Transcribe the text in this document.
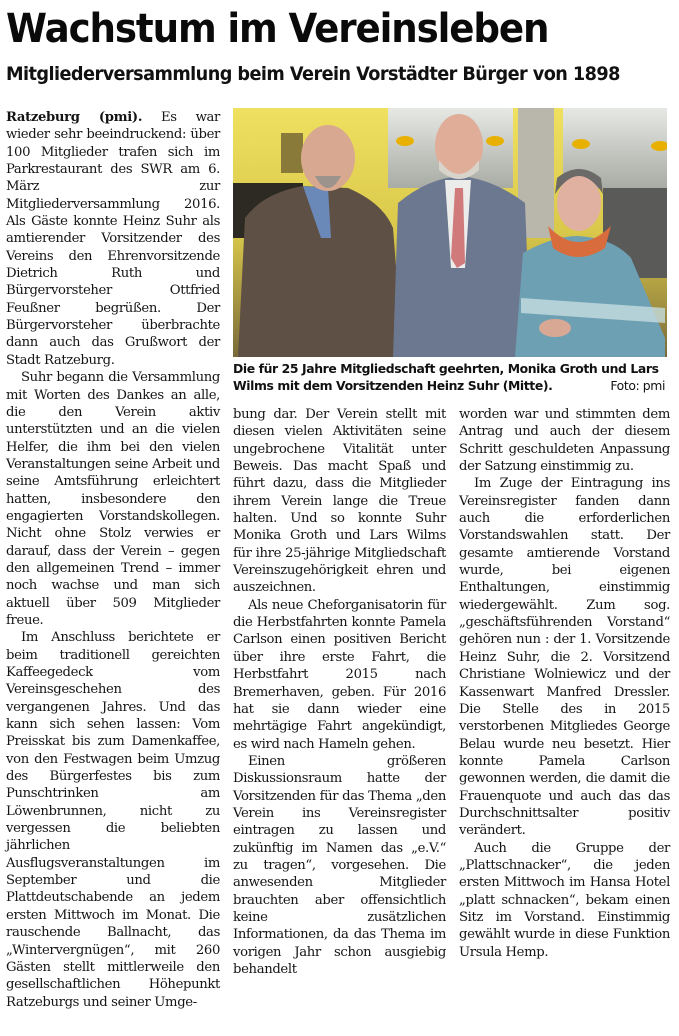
Wachstum im Vereinsleben
Mitgliederversammlung beim Verein Vorstädter Bürger von 1898

Ratzeburg (pmi). Es war wieder sehr beeindruckend: über 100 Mitglieder trafen sich im Parkrestaurant des SWR am 6. März zur Mitgliederversammlung 2016. Als Gäste konnte Heinz Suhr als amtierender Vorsitzender des Vereins den Ehrenvorsitzende Dietrich Ruth und Bürgervorsteher Ottfried Feußner begrüßen. Der Bürgervorsteher überbrachte dann auch das Grußwort der Stadt Ratzeburg.

Suhr begann die Versammlung mit Worten des Dankes an alle, die den Verein aktiv unterstützten und an die vielen Helfer, die ihm bei den vielen Veranstaltungen seine Arbeit und seine Amtsführung erleichtert hatten, insbesondere den engagierten Vorstandskollegen. Nicht ohne Stolz verwies er darauf, dass der Verein – gegen den allgemeinen Trend – immer noch wachse und man sich aktuell über 509 Mitglieder freue.

Im Anschluss berichtete er beim traditionell gereichten Kaffeegedeck vom Vereinsgeschehen des vergangenen Jahres. Und das kann sich sehen lassen: Vom Preisskat bis zum Damenkaffee, von den Festwagen beim Umzug des Bürgerfestes bis zum Punschtrinken am Löwenbrunnen, nicht zu vergessen die beliebten jährlichen Ausflugsveranstaltungen im September und die Plattdeutschabende an jedem ersten Mittwoch im Monat. Die rauschende Ballnacht, das „Wintervergnügen“, mit 260 Gästen stellt mittlerweile den gesellschaftlichen Höhepunkt Ratzeburgs und seiner Umge-

Die für 25 Jahre Mitgliedschaft geehrten, Monika Groth und Lars
Wilms mit dem Vorsitzenden Heinz Suhr (Mitte).	Foto: pmi

bung dar. Der Verein stellt mit diesen vielen Aktivitäten seine ungebrochene Vitalität unter Beweis. Das macht Spaß und führt dazu, dass die Mitglieder ihrem Verein lange die Treue halten. Und so konnte Suhr Monika Groth und Lars Wilms für ihre 25-jährige Mitgliedschaft Vereinszugehörigkeit ehren und auszeichnen.

Als neue Cheforganisatorin für die Herbstfahrten konnte Pamela Carlson einen positiven Bericht über ihre erste Fahrt, die Herbstfahrt 2015 nach Bremerhaven, geben. Für 2016 hat sie dann wieder eine mehrtägige Fahrt angekündigt, es wird nach Hameln gehen.

Einen größeren Diskussionsraum hatte der Vorsitzenden für das Thema „den Verein ins Vereinsregister eintragen zu lassen und zukünftig im Namen das „e.V.“ zu tragen“, vorgesehen. Die anwesenden Mitglieder brauchten aber offensichtlich keine zusätzlichen Informationen, da das Thema im vorigen Jahr schon ausgiebig behandelt

worden war und stimmten dem Antrag und auch der diesem Schritt geschuldeten Anpassung der Satzung einstimmig zu.

Im Zuge der Eintragung ins Vereinsregister fanden dann auch die erforderlichen Vorstandswahlen statt. Der gesamte amtierende Vorstand wurde, bei eigenen Enthaltungen, einstimmig wiedergewählt. Zum sog. „geschäftsführenden Vorstand“ gehören nun : der 1. Vorsitzende Heinz Suhr, die 2. Vorsitzend Christiane Wolniewicz und der Kassenwart Manfred Dressler. Die Stelle des in 2015 verstorbenen Mitgliedes George Belau wurde neu besetzt. Hier konnte Pamela Carlson gewonnen werden, die damit die Frauenquote und auch das das Durchschnittsalter positiv verändert.

Auch die Gruppe der „Plattschnacker“, die jeden ersten Mittwoch im Hansa Hotel „platt schnacken“, bekam einen Sitz im Vorstand. Einstimmig gewählt wurde in diese Funktion Ursula Hemp.
